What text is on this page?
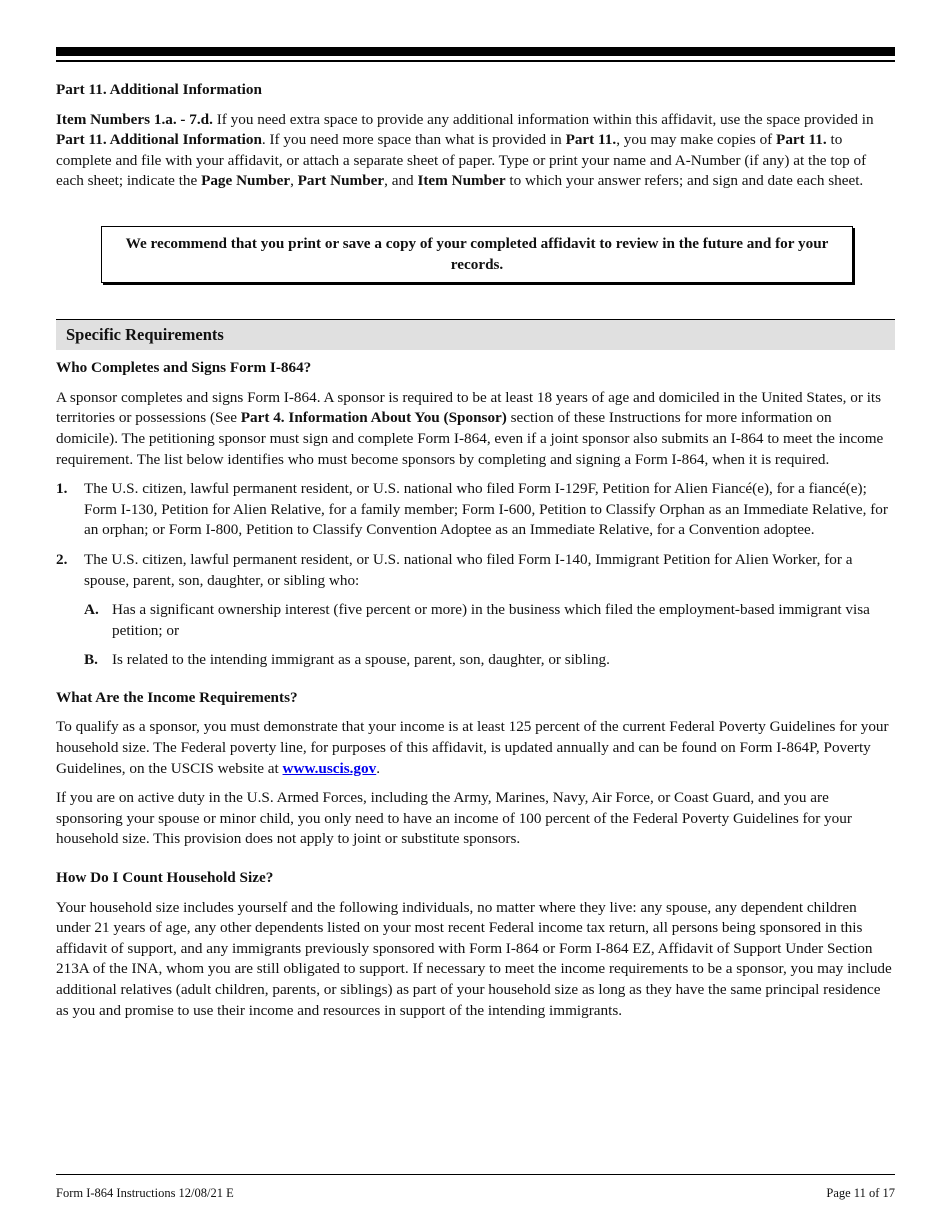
Part 11. Additional Information

Item Numbers 1.a. - 7.d. If you need extra space to provide any additional information within this affidavit, use the space provided in Part 11. Additional Information. If you need more space than what is provided in Part 11., you may make copies of Part 11. to complete and file with your affidavit, or attach a separate sheet of paper. Type or print your name and A-Number (if any) at the top of each sheet; indicate the Page Number, Part Number, and Item Number to which your answer refers; and sign and date each sheet.

We recommend that you print or save a copy of your completed affidavit to review in the future and for your records.
Specific Requirements
Who Completes and Signs Form I-864?

A sponsor completes and signs Form I-864. A sponsor is required to be at least 18 years of age and domiciled in the United States, or its territories or possessions (See Part 4. Information About You (Sponsor) section of these Instructions for more information on domicile). The petitioning sponsor must sign and complete Form I-864, even if a joint sponsor also submits an I-864 to meet the income requirement. The list below identifies who must become sponsors by completing and signing a Form I-864, when it is required.

1.	The U.S. citizen, lawful permanent resident, or U.S. national who filed Form I-129F, Petition for Alien Fiancé(e), for a fiancé(e); Form I-130, Petition for Alien Relative, for a family member; Form I-600, Petition to Classify Orphan as an Immediate Relative, for an orphan; or Form I-800, Petition to Classify Convention Adoptee as an Immediate Relative, for a Convention adoptee.
2.	The U.S. citizen, lawful permanent resident, or U.S. national who filed Form I-140, Immigrant Petition for Alien Worker, for a spouse, parent, son, daughter, or sibling who:
A. Has a significant ownership interest (five percent or more) in the business which filed the employment-based immigrant visa petition; or
B. Is related to the intending immigrant as a spouse, parent, son, daughter, or sibling.
What Are the Income Requirements?

To qualify as a sponsor, you must demonstrate that your income is at least 125 percent of the current Federal Poverty Guidelines for your household size. The Federal poverty line, for purposes of this affidavit, is updated annually and can be found on Form I-864P, Poverty Guidelines, on the USCIS website at www.uscis.gov.

If you are on active duty in the U.S. Armed Forces, including the Army, Marines, Navy, Air Force, or Coast Guard, and you are sponsoring your spouse or minor child, you only need to have an income of 100 percent of the Federal Poverty Guidelines for your household size. This provision does not apply to joint or substitute sponsors.

How Do I Count Household Size?

Your household size includes yourself and the following individuals, no matter where they live: any spouse, any dependent children under 21 years of age, any other dependents listed on your most recent Federal income tax return, all persons being sponsored in this affidavit of support, and any immigrants previously sponsored with Form I-864 or Form I-864 EZ, Affidavit of Support Under Section 213A of the INA, whom you are still obligated to support. If necessary to meet the income requirements to be a sponsor, you may include additional relatives (adult children, parents, or siblings) as part of your household size as long as they have the same principal residence as you and promise to use their income and resources in support of the intending immigrants.

Form I-864 Instructions 12/08/21 E	Page 11 of 17
